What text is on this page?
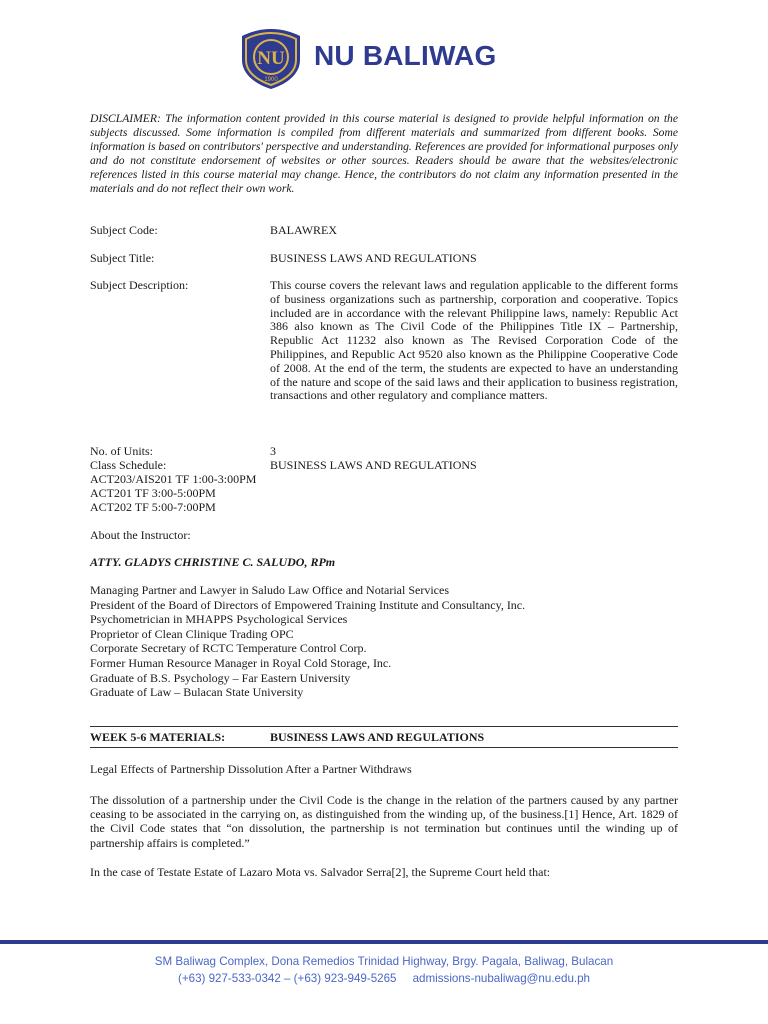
NU
1900
NU BALIWAG
DISCLAIMER: The information content provided in this course material is designed to provide helpful information on the subjects discussed. Some information is compiled from different materials and summarized from different books. Some information is based on contributors' perspective and understanding. References are provided for informational purposes only and do not constitute endorsement of websites or other sources. Readers should be aware that the websites/electronic references listed in this course material may change. Hence, the contributors do not claim any information presented in the materials and do not reflect their own work.
Subject Code:	BALAWREX
Subject Title:	BUSINESS LAWS AND REGULATIONS
Subject Description:	This course covers the relevant laws and regulation applicable to the different forms of business organizations such as partnership, corporation and cooperative. Topics included are in accordance with the relevant Philippine laws, namely: Republic Act 386 also known as The Civil Code of the Philippines Title IX – Partnership, Republic Act 11232 also known as The Revised Corporation Code of the Philippines, and Republic Act 9520 also known as the Philippine Cooperative Code of 2008. At the end of the term, the students are expected to have an understanding of the nature and scope of the said laws and their application to business registration, transactions and other regulatory and compliance matters.
No. of Units:	3
Class Schedule:	BUSINESS LAWS AND REGULATIONS
ACT203/AIS201 TF 1:00-3:00PM
ACT201 TF 3:00-5:00PM
ACT202 TF 5:00-7:00PM
About the Instructor:
ATTY. GLADYS CHRISTINE C. SALUDO, RPm
Managing Partner and Lawyer in Saludo Law Office and Notarial Services
President of the Board of Directors of Empowered Training Institute and Consultancy, Inc.
Psychometrician in MHAPPS Psychological Services
Proprietor of Clean Clinique Trading OPC
Corporate Secretary of RCTC Temperature Control Corp.
Former Human Resource Manager in Royal Cold Storage, Inc.
Graduate of B.S. Psychology – Far Eastern University
Graduate of Law – Bulacan State University
WEEK 5-6 MATERIALS:	BUSINESS LAWS AND REGULATIONS
Legal Effects of Partnership Dissolution After a Partner Withdraws
The dissolution of a partnership under the Civil Code is the change in the relation of the partners caused by any partner ceasing to be associated in the carrying on, as distinguished from the winding up, of the business.[1] Hence, Art. 1829 of the Civil Code states that “on dissolution, the partnership is not termination but continues until the winding up of partnership affairs is completed.”
In the case of Testate Estate of Lazaro Mota vs. Salvador Serra[2], the Supreme Court held that:
SM Baliwag Complex, Dona Remedios Trinidad Highway, Brgy. Pagala, Baliwag, Bulacan
(+63) 927-533-0342 – (+63) 923-949-5265     admissions-nubaliwag@nu.edu.ph
